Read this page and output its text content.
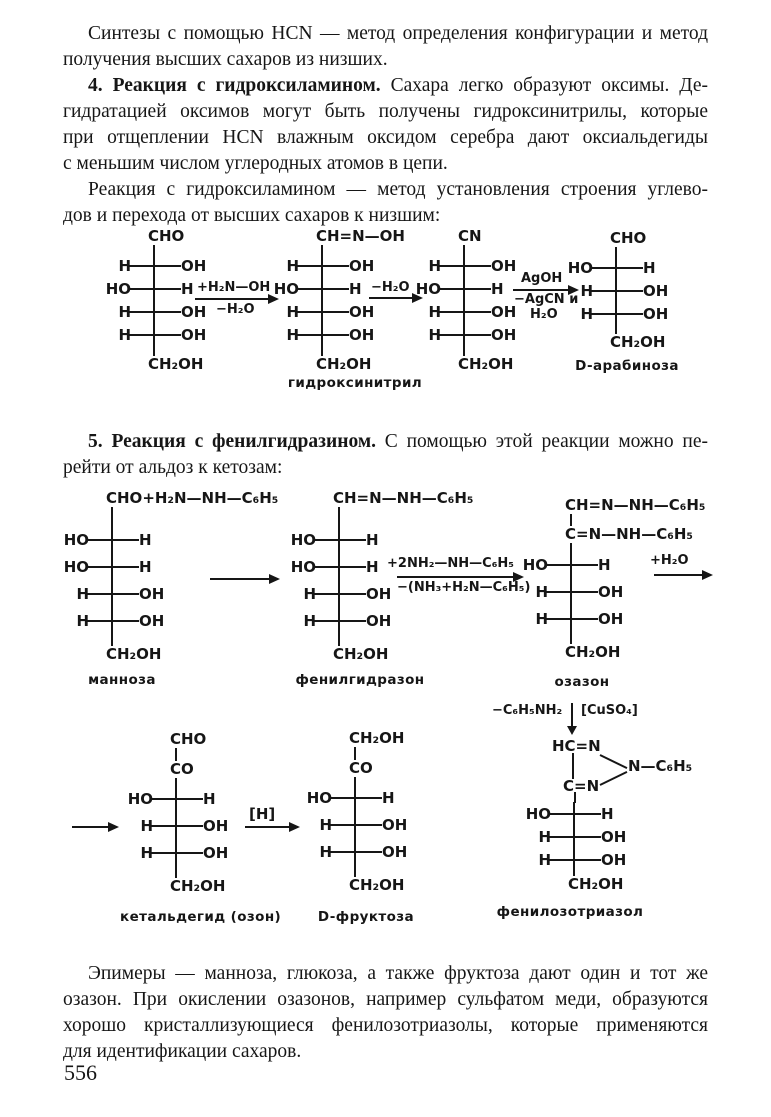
Синтезы с помощью HCN — метод определения конфигурации и метод
получения высших сахаров из низших.
4. Реакция с гидроксиламином. Сахара легко образуют оксимы. Де-
гидратацией оксимов могут быть получены гидроксинитрилы, которые
при отщеплении HCN влажным оксидом серебра дают оксиальдегиды
с меньшим числом углеродных атомов в цепи.
Реакция с гидроксиламином — метод установления строения углево-
дов и перехода от высших сахаров к низшим:
CHO
H	OH
HO	H
H	OH
H	OH
CH₂OH
+H₂N—OH
−H₂O
CH=N—OH
H	OH
HO	H
H	OH
H	OH
CH₂OH
гидроксинитрил
−H₂O
CN
H	OH
HO	H
H	OH
H	OH
CH₂OH
AgOH
−AgCN и
H₂O
CHO
HO	H
H	OH
H	OH
CH₂OH
D-арабиноза
5. Реакция с фенилгидразином. С помощью этой реакции можно пе-
рейти от альдоз к кетозам:
CHO+H₂N—NH—C₆H₅
HO	H
HO	H
H	OH
H	OH
CH₂OH
манноза
CH=N—NH—C₆H₅
HO	H
HO	H
H	OH
H	OH
CH₂OH
фенилгидразон
+2NH₂—NH—C₆H₅
−(NH₃+H₂N—C₆H₅)
CH=N—NH—C₆H₅
C=N—NH—C₆H₅
HO	H
H	OH
H	OH
CH₂OH
озазон
+H₂O
CHO
CO
HO	H
H	OH
H	OH
CH₂OH
кетальдегид (озон)
[Н]
CH₂OH
CO
HO	H
H	OH
H	OH
CH₂OH
D-фруктоза
−C₆H₅NH₂ [CuSO₄]
HC=N
N—C₆H₅
C=N
HO	H
H	OH
H	OH
CH₂OH
фенилозотриазол
Эпимеры — манноза, глюкоза, а также фруктоза дают один и тот же
озазон. При окислении озазонов, например сульфатом меди, образуются
хорошо кристаллизующиеся фенилозотриазолы, которые применяются
для идентификации сахаров.
556
